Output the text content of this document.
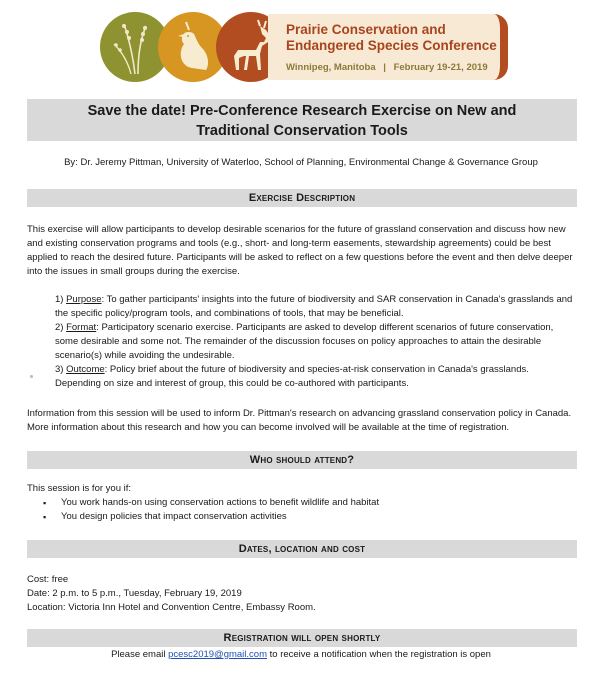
Prairie Conservation and
Endangered Species Conference
Winnipeg, Manitoba | February 19-21, 2019
Save the date! Pre-Conference Research Exercise on New and
Traditional Conservation Tools
By: Dr. Jeremy Pittman, University of Waterloo, School of Planning, Environmental Change & Governance Group
Exercise Description
This exercise will allow participants to develop desirable scenarios for the future of grassland conservation and discuss how new and existing conservation programs and tools (e.g., short- and long-term easements, stewardship agreements) could be best applied to reach the desired future. Participants will be asked to reflect on a few questions before the event and then delve deeper into the issues in small groups during the exercise.
1) Purpose: To gather participants' insights into the future of biodiversity and SAR conservation in Canada's grasslands and the specific policy/program tools, and combinations of tools, that may be beneficial.
2) Format: Participatory scenario exercise. Participants are asked to develop different scenarios of future conservation, some desirable and some not. The remainder of the discussion focuses on policy approaches to attain the desirable scenario(s) while avoiding the undesirable.
3) Outcome: Policy brief about the future of biodiversity and species-at-risk conservation in Canada's grasslands. Depending on size and interest of group, this could be co-authored with participants.
Information from this session will be used to inform Dr. Pittman's research on advancing grassland conservation policy in Canada. More information about this research and how you can become involved will be available at the time of registration.
Who should attend?
This session is for you if:
▪ You work hands-on using conservation actions to benefit wildlife and habitat
▪ You design policies that impact conservation activities
Dates, location and cost
Cost: free
Date: 2 p.m. to 5 p.m., Tuesday, February 19, 2019
Location: Victoria Inn Hotel and Convention Centre, Embassy Room.
Registration will open shortly
Please email pcesc2019@gmail.com to receive a notification when the registration is open
